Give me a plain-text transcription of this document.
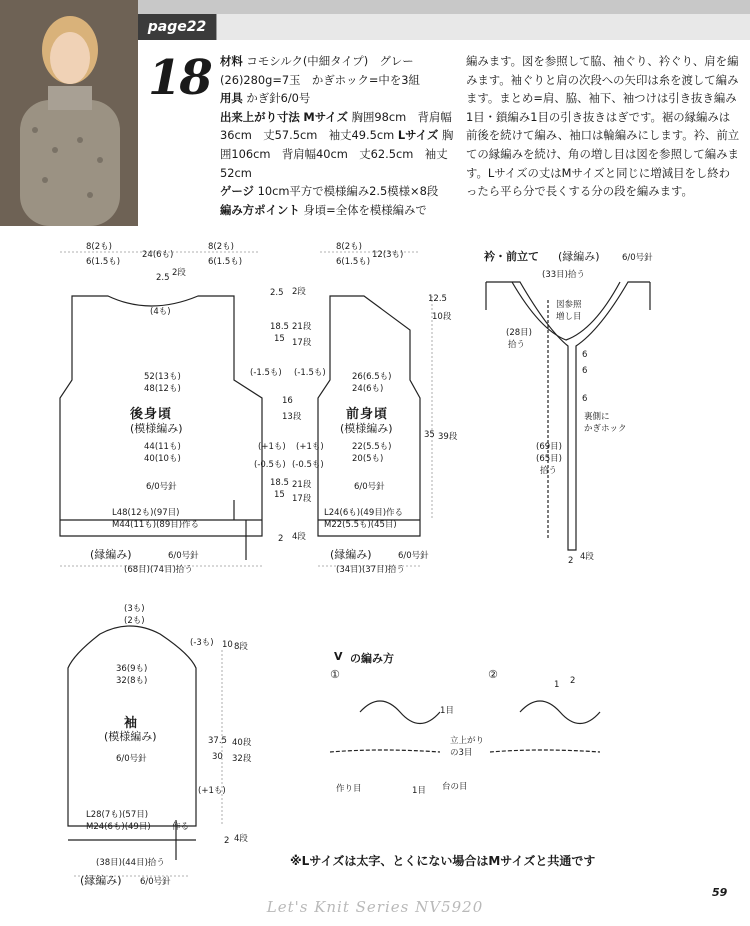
page22
18 材料 コモシルク(中細タイプ)　グレー(26)280g=7玉　かぎホック=中を3組
用具 かぎ針6/0号
出来上がり寸法 Mサイズ 胸囲98cm　背肩幅36cm　丈57.5cm　袖丈49.5cm Lサイズ 胸囲106cm　背肩幅40cm　丈62.5cm　袖丈52cm
ゲージ 10cm平方で模様編み2.5模様×8段
編み方ポイント 身頃=全体を模様編みで
編みます。図を参照して脇、袖ぐり、衿ぐり、肩を編みます。袖ぐりと肩の次段への矢印は糸を渡して編みます。まとめ=肩、脇、袖下、袖つけは引き抜き編み1目・鎖編み1目の引き抜きはぎです。裾の縁編みは前後を続けて編み、袖口は輪編みにします。衿、前立ての縁編みを続け、角の増し目は図を参照して編みます。Lサイズの丈はMサイズと同じに増減目をし終わったら平ら分で長くする分の段を編みます。
8(2も)
6(1.5も)
24(6も)
8(2も)
6(1.5も)
2.5 2段
(4も)
52(13も)
48(12も)
後身頃
(模様編み)
44(11も)
40(10も)
6/0号針
L48(12も)(97目)
M44(11も)(89目)作る
(縁編み)	6/0号針
(68目)(74目)拾う
2.5 2段
18.5
15
21段
17段
(-1.5も) (-1.5も)
16
13段
(+1も) (+1も)
(-0.5も) (-0.5も)
18.5
15
21段
17段
2 4段
8(2も)
6(1.5も)
12(3も)
12.5
10段
26(6.5も)
24(6も)
前身頃
(模様編み)	35 39段
22(5.5も)
20(5も)
6/0号針
L24(6も)(49目)作る
M22(5.5も)(45目)
(縁編み)	6/0号針
(34目)(37目)拾う
衿・前立て (縁編み)	6/0号針
(33目)拾う
図参照
増し目
(28目)
拾う
6
6
6
裏側に
かぎホック
(69目)
(65目)
拾う
2 4段
(3も)
(2も)
(-3も) 10 8段
36(9も)
32(8も)
袖
(模様編み)	37.5
30
40段
32段
6/0号針
(+1も)
L28(7も)(57目)
M24(6も)(49目)	作る
2 4段
(38目)(44目)拾う
(縁編み) 6/0号針
V の編み方
①	②
1目
立上がり
の3目
作り目	1目 台の目
1 2
※Lサイズは太字、とくにない場合はMサイズと共通です
Let's Knit Series NV5920
59
